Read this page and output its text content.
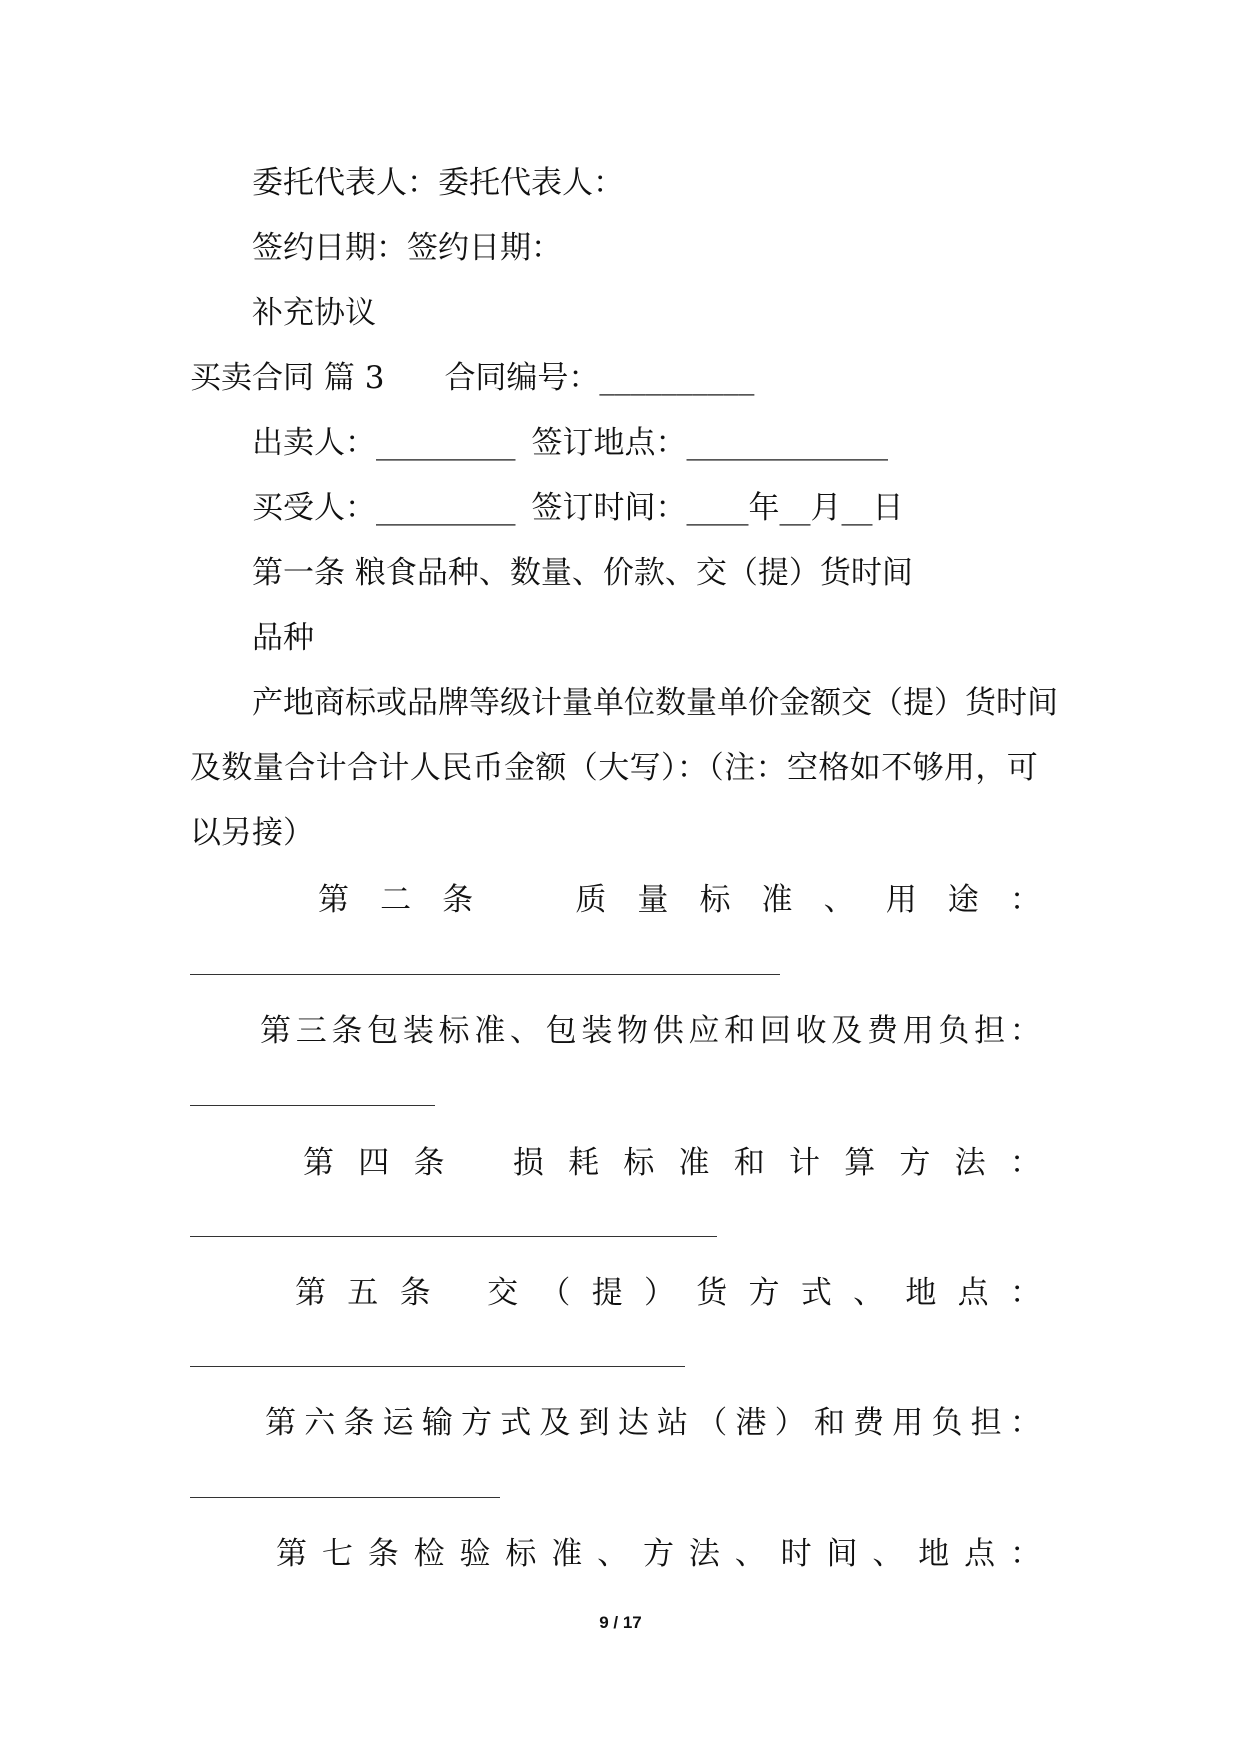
委托代表人：委托代表人：
签约日期：签约日期：
补充协议
买卖合同 篇 3 合同编号：__________
出卖人：_________ 签订地点：_____________
买受人：_________ 签订时间：____年__月__日
第一条 粮食品种、数量、价款、交（提）货时间
品种
产地商标或品牌等级计量单位数量单价金额交（提）货时间
及数量合计合计人民币金额（大写）：（注：空格如不够用，可
以另接）
第 二 条	质 量 标 准 、 用 途 ：
第 三 条 包 装 标 准 、 包 装 物 供 应 和 回 收 及 费 用 负 担 ：
第 四 条 损 耗 标 准 和 计 算 方 法 ：
第 五 条 交 （ 提 ） 货 方 式 、 地 点 ：
第 六 条 运 输 方 式 及 到 达 站 （ 港 ） 和 费 用 负 担 ：
第 七 条 检 验 标 准 、 方 法 、 时 间 、 地 点 ：
9 / 17
